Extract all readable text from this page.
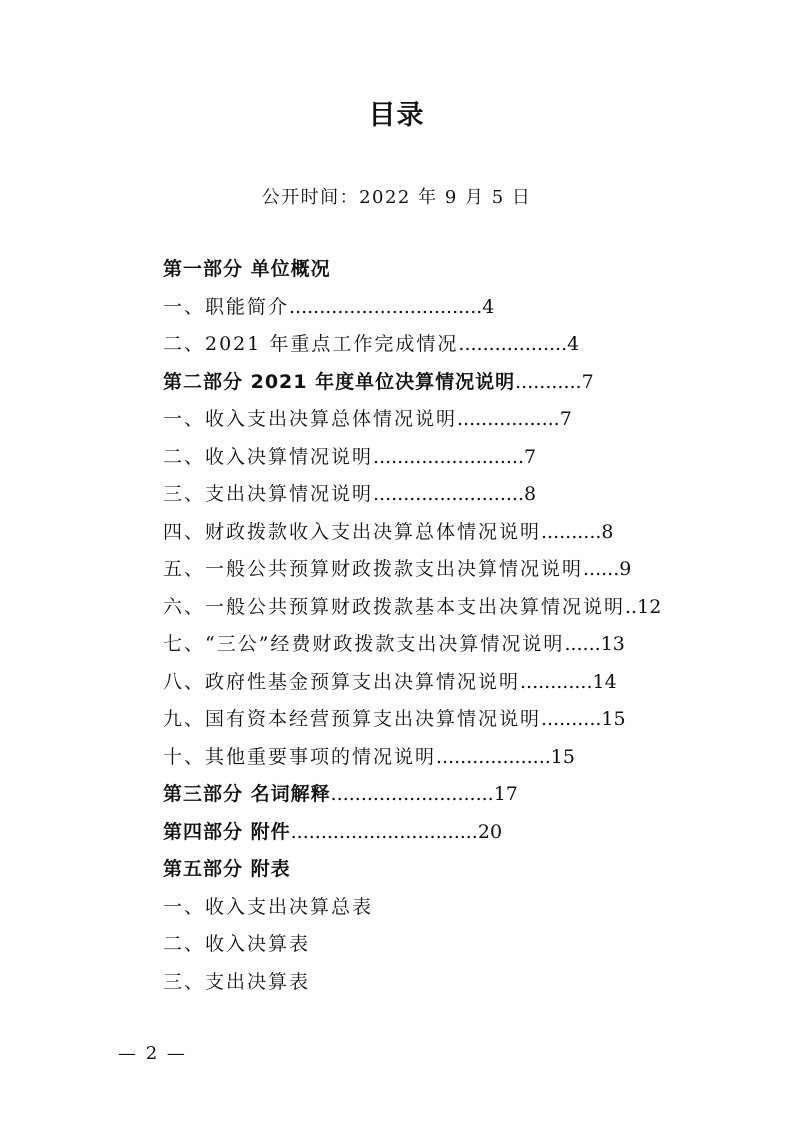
目录
公开时间：2022 年 9 月 5 日
第一部分 单位概况
一、职能简介................................4
二、2021 年重点工作完成情况..................4
第二部分 2021 年度单位决算情况说明...........7
一、收入支出决算总体情况说明.................7
二、收入决算情况说明.........................7
三、支出决算情况说明.........................8
四、财政拨款收入支出决算总体情况说明..........8
五、一般公共预算财政拨款支出决算情况说明......9
六、一般公共预算财政拨款基本支出决算情况说明..12
七、“三公”经费财政拨款支出决算情况说明......13
八、政府性基金预算支出决算情况说明............14
九、国有资本经营预算支出决算情况说明..........15
十、其他重要事项的情况说明...................15
第三部分 名词解释...........................17
第四部分 附件...............................20
第五部分 附表
一、收入支出决算总表
二、收入决算表
三、支出决算表
— 2 —
